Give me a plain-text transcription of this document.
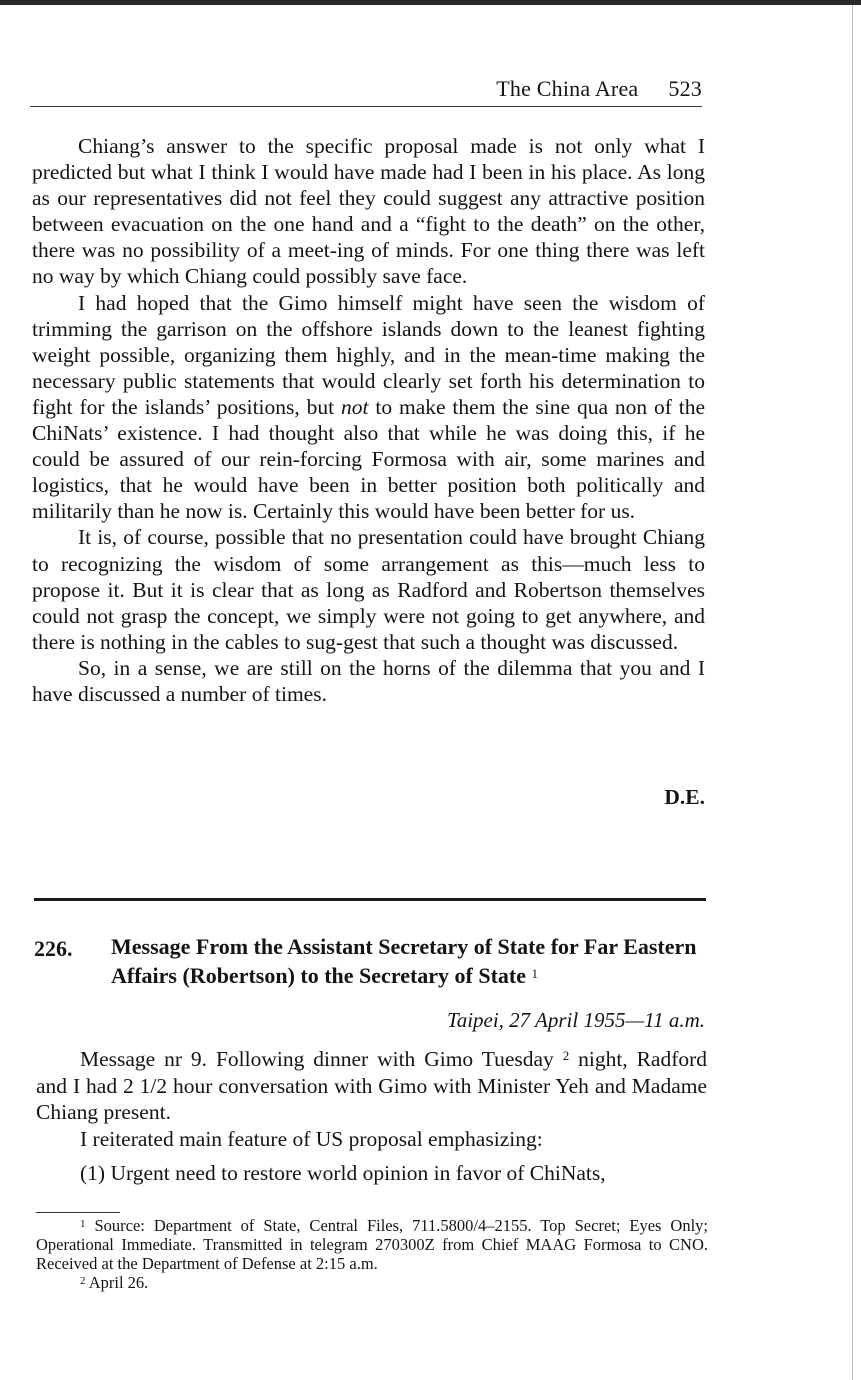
The China Area 523

Chiang’s answer to the specific proposal made is not only what I predicted but what I think I would have made had I been in his place. As long as our representatives did not feel they could suggest any attractive position between evacuation on the one hand and a “fight to the death” on the other, there was no possibility of a meet-ing of minds. For one thing there was left no way by which Chiang could possibly save face.

I had hoped that the Gimo himself might have seen the wisdom of trimming the garrison on the offshore islands down to the leanest fighting weight possible, organizing them highly, and in the mean-time making the necessary public statements that would clearly set forth his determination to fight for the islands’ positions, but not to make them the sine qua non of the ChiNats’ existence. I had thought also that while he was doing this, if he could be assured of our rein-forcing Formosa with air, some marines and logistics, that he would have been in better position both politically and militarily than he now is. Certainly this would have been better for us.

It is, of course, possible that no presentation could have brought Chiang to recognizing the wisdom of some arrangement as this—much less to propose it. But it is clear that as long as Radford and Robertson themselves could not grasp the concept, we simply were not going to get anywhere, and there is nothing in the cables to sug-gest that such a thought was discussed.

So, in a sense, we are still on the horns of the dilemma that you and I have discussed a number of times.

D.E.
226. Message From the Assistant Secretary of State for Far Eastern Affairs (Robertson) to the Secretary of State $^1$
Taipei, 27 April 1955—11 a.m.

Message nr 9. Following dinner with Gimo Tuesday $^2$ night, Radford and I had 2 1/2 hour conversation with Gimo with Minister Yeh and Madame Chiang present.

I reiterated main feature of US proposal emphasizing:

(1) Urgent need to restore world opinion in favor of ChiNats,

$^1$ Source: Department of State, Central Files, 711.5800/4–2155. Top Secret; Eyes Only; Operational Immediate. Transmitted in telegram 270300Z from Chief MAAG Formosa to CNO. Received at the Department of Defense at 2:15 a.m.

$^2$ April 26.
